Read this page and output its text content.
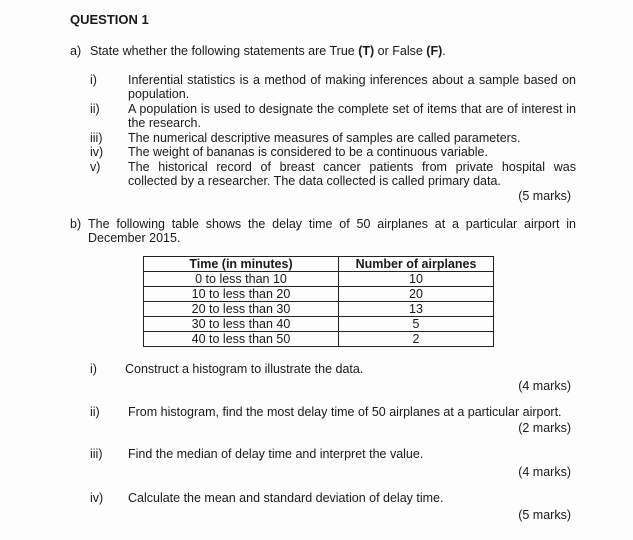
QUESTION 1
a) State whether the following statements are True (T) or False (F).
i)	Inferential statistics is a method of making inferences about a sample based on population.
ii)	A population is used to designate the complete set of items that are of interest in the research.
iii)	The numerical descriptive measures of samples are called parameters.
iv)	The weight of bananas is considered to be a continuous variable.
v)	The historical record of breast cancer patients from private hospital was collected by a researcher. The data collected is called primary data.
(5 marks)
b) The following table shows the delay time of 50 airplanes at a particular airport in December 2015.
Time (in minutes)	Number of airplanes
0 to less than 10	10
10 to less than 20	20
20 to less than 30	13
30 to less than 40	5
40 to less than 50	2
i)	Construct a histogram to illustrate the data.
(4 marks)
ii)	From histogram, find the most delay time of 50 airplanes at a particular airport.
(2 marks)
iii)	Find the median of delay time and interpret the value.
(4 marks)
iv)	Calculate the mean and standard deviation of delay time.
(5 marks)
